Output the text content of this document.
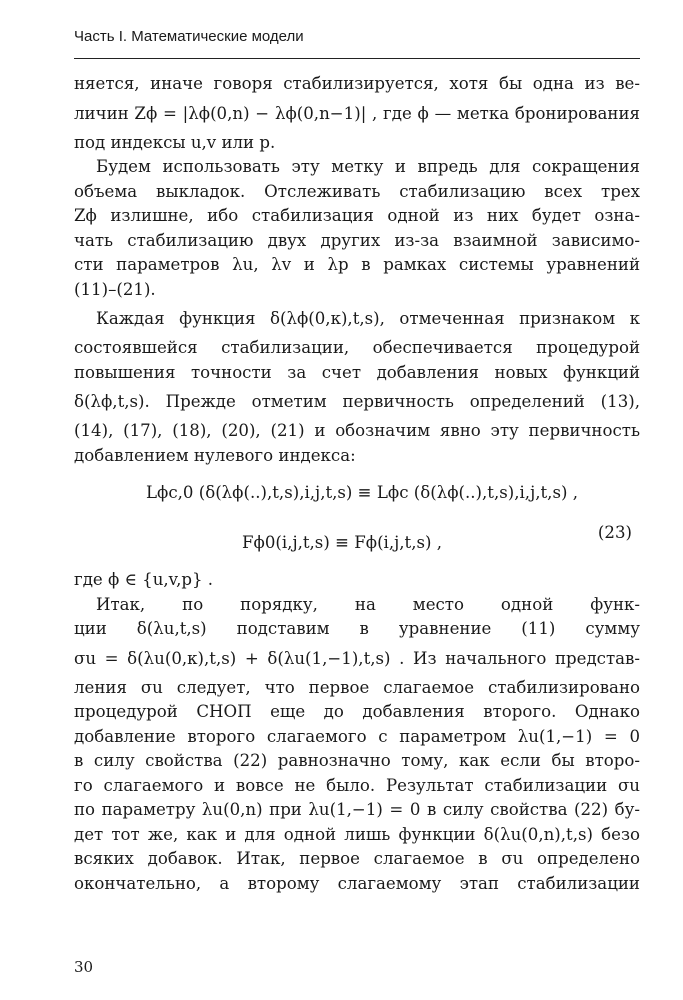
Часть I. Математические модели
няется, иначе говоря стабилизируется, хотя бы одна из ве-
личин Zϕ = |λϕ(0,n) − λϕ(0,n−1)| , где ϕ — метка бронирования
под индексы u,v или p.
Будем использовать эту метку и впредь для сокращения
объема выкладок. Отслеживать стабилизацию всех трех
Zϕ излишне, ибо стабилизация одной из них будет озна-
чать стабилизацию двух других из-за взаимной зависимо-
сти параметров λu, λv и λp в рамках системы уравнений
(11)–(21).
Каждая функция δ(λϕ(0,κ),t,s), отмеченная признаком к
состоявшейся стабилизации, обеспечивается процедурой
повышения точности за счет добавления новых функций
δ(λϕ,t,s). Прежде отметим первичность определений (13),
(14), (17), (18), (20), (21) и обозначим явно эту первичность
добавлением нулевого индекса:
Lϕc,0 (δ(λϕ(..),t,s),i,j,t,s) ≡ Lϕc (δ(λϕ(..),t,s),i,j,t,s) ,
Fϕ0(i,j,t,s) ≡ Fϕ(i,j,t,s) ,
(23)
где ϕ ∈ {u,v,p} .
Итак, по порядку, на место одной функ-
ции δ(λu,t,s) подставим в уравнение (11) сумму
σu = δ(λu(0,κ),t,s) + δ(λu(1,−1),t,s) . Из начального представ-
ления σu следует, что первое слагаемое стабилизировано
процедурой СНОП еще до добавления второго. Однако
добавление второго слагаемого с параметром λu(1,−1) = 0
в силу свойства (22) равнозначно тому, как если бы второ-
го слагаемого и вовсе не было. Результат стабилизации σu
по параметру λu(0,n) при λu(1,−1) = 0 в силу свойства (22) бу-
дет тот же, как и для одной лишь функции δ(λu(0,n),t,s) безо
всяких добавок. Итак, первое слагаемое в σu определено
окончательно, а второму слагаемому этап стабилизации
30
